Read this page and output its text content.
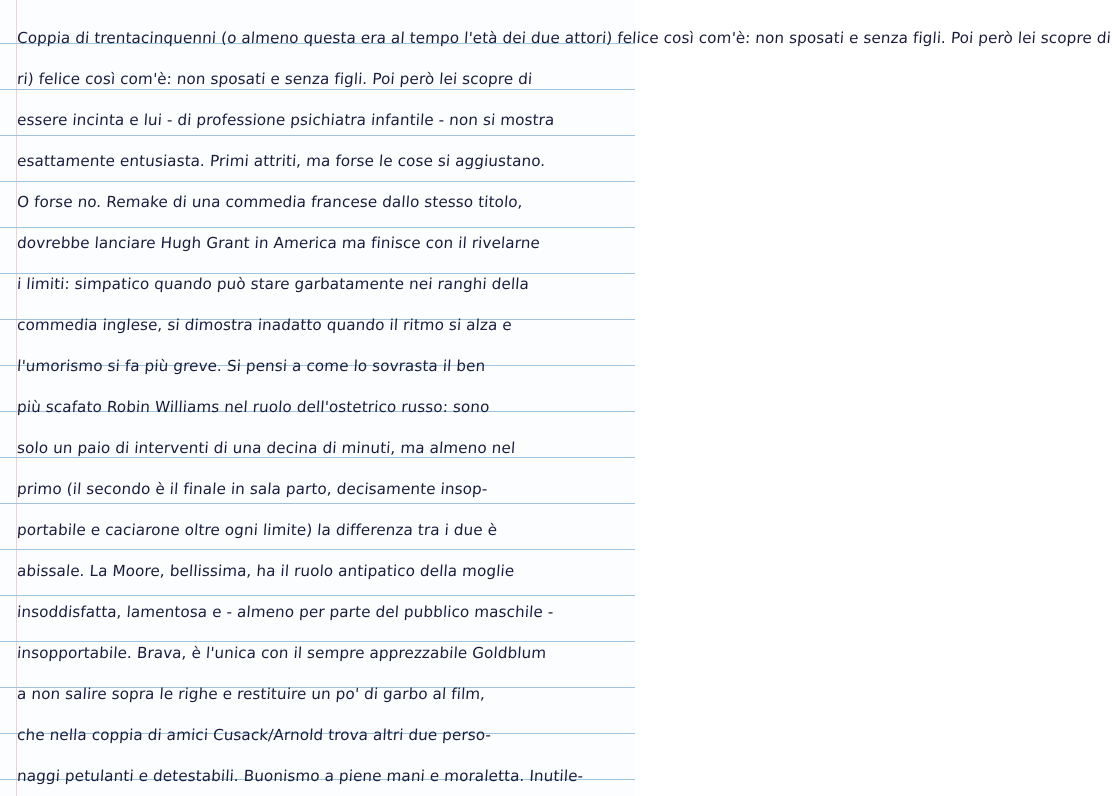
Coppia di trentacinquenni (o almeno questa era al tempo l'età dei due attori) felice così com'è: non sposati e senza figli. Poi però lei scopre di
ri) felice così com'è: non sposati e senza figli. Poi però lei scopre di
essere incinta e lui - di professione psichiatra infantile - non si mostra
esattamente entusiasta. Primi attriti, ma forse le cose si aggiustano.
O forse no. Remake di una commedia francese dallo stesso titolo,
dovrebbe lanciare Hugh Grant in America ma finisce con il rivelarne
i limiti: simpatico quando può stare garbatamente nei ranghi della
commedia inglese, si dimostra inadatto quando il ritmo si alza e
l'umorismo si fa più greve. Si pensi a come lo sovrasta il ben
più scafato Robin Williams nel ruolo dell'ostetrico russo: sono
solo un paio di interventi di una decina di minuti, ma almeno nel
primo (il secondo è il finale in sala parto, decisamente insop-
portabile e caciarone oltre ogni limite) la differenza tra i due è
abissale. La Moore, bellissima, ha il ruolo antipatico della moglie
insoddisfatta, lamentosa e - almeno per parte del pubblico maschile -
insopportabile. Brava, è l'unica con il sempre apprezzabile Goldblum
a non salire sopra le righe e restituire un po' di garbo al film,
che nella coppia di amici Cusack/Arnold trova altri due perso-
naggi petulanti e detestabili. Buonismo a piene mani e moraletta. Inutile-
